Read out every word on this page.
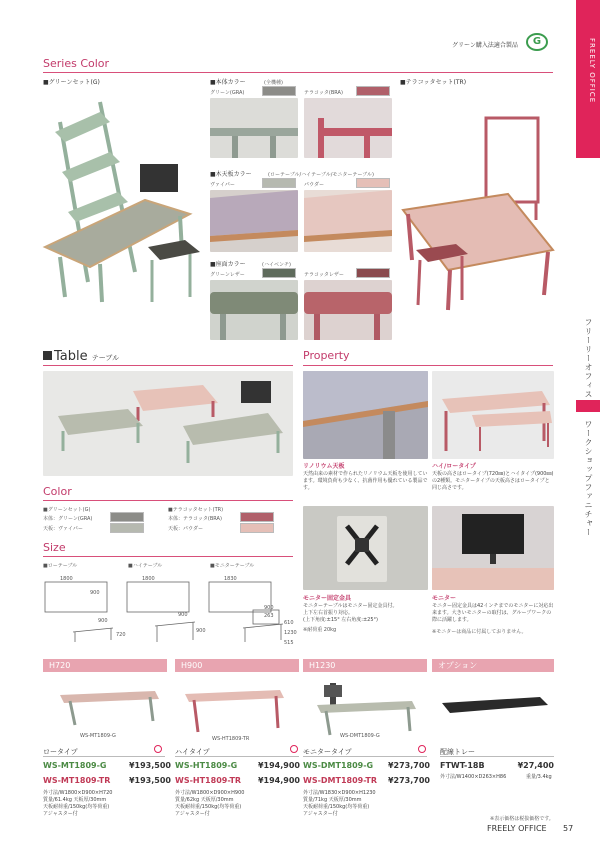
FREELY OFFICE
フリーリーオフィス
ワークショップファニチャー
グリーン購入法適合製品	G
Series Color
■グリーンセット(G)	■テラコッタセット(TR)
■本体カラー	(全機種)
グリーン(GRA)	テラコッタ(BRA)
■木天板カラー	(ローテーブル/ハイテーブル/モニターテーブル)
ヴァイパー	パウダー
■座面カラー	(ハイベンチ)
グリーンレザー	テラコッタレザー
Table テーブル
Color
■グリーンセット(G)
本体：グリーン(GRA)
天板：ヴァイパー
■テラコッタセット(TR)
本体：テラコッタ(BRA)
天板：パウダー
Size
■ローテーブル	■ハイテーブル	■モニターテーブル
1800	1800	1830
900
900
720
900
900
900
263
1230
610
515
Property
リノリウム天板
天然由来の素材で作られたリノリウム天板を使用しています。環境負荷も少なく、抗菌作用も優れている製品です。
ハイ/ロータイプ
天板の高さはロータイプ(720㎜)とハイタイプ(900㎜)の2種類。モニタータイプの天板高さはロータイプと同じ高さです。
モニター固定金具
モニターテーブルはモニター固定金具付。
上下左右首振り対応。
(上下角度:±15° 左右角度:±25°)
※耐荷重 20kg
モニター
モニター固定金具は42インチまでのモニターに対応出来ます。大きいモニターの取付は、グループワークの際に活躍します。
※モニターは商品に付属しておりません。
H720	H900	H1230	オプション
WS-MT1809-G	WS-HT1809-TR	WS-DMT1809-G
ロータイプ	ハイタイプ	モニタータイプ	配線トレー
WS-MT1809-G	¥193,500
WS-MT1809-TR	¥193,500
外寸法/W1800×D900×H720
質量/61.4kg 天板厚/30mm
天板耐荷重/150kg(均等荷重)
アジャスター付
WS-HT1809-G	¥194,900
WS-HT1809-TR	¥194,900
外寸法/W1800×D900×H900
質量/62kg 天板厚/30mm
天板耐荷重/150kg(均等荷重)
アジャスター付
WS-DMT1809-G	¥273,700
WS-DMT1809-TR	¥273,700
外寸法/W1830×D900×H1230
質量/71kg 天板厚/30mm
天板耐荷重/150kg(均等荷重)
アジャスター付
FTWT-18B	¥27,400
外寸法/W1400×D263×H86	重量/3.4kg
※表示価格は税抜価格です。
FREELY OFFICE 57
